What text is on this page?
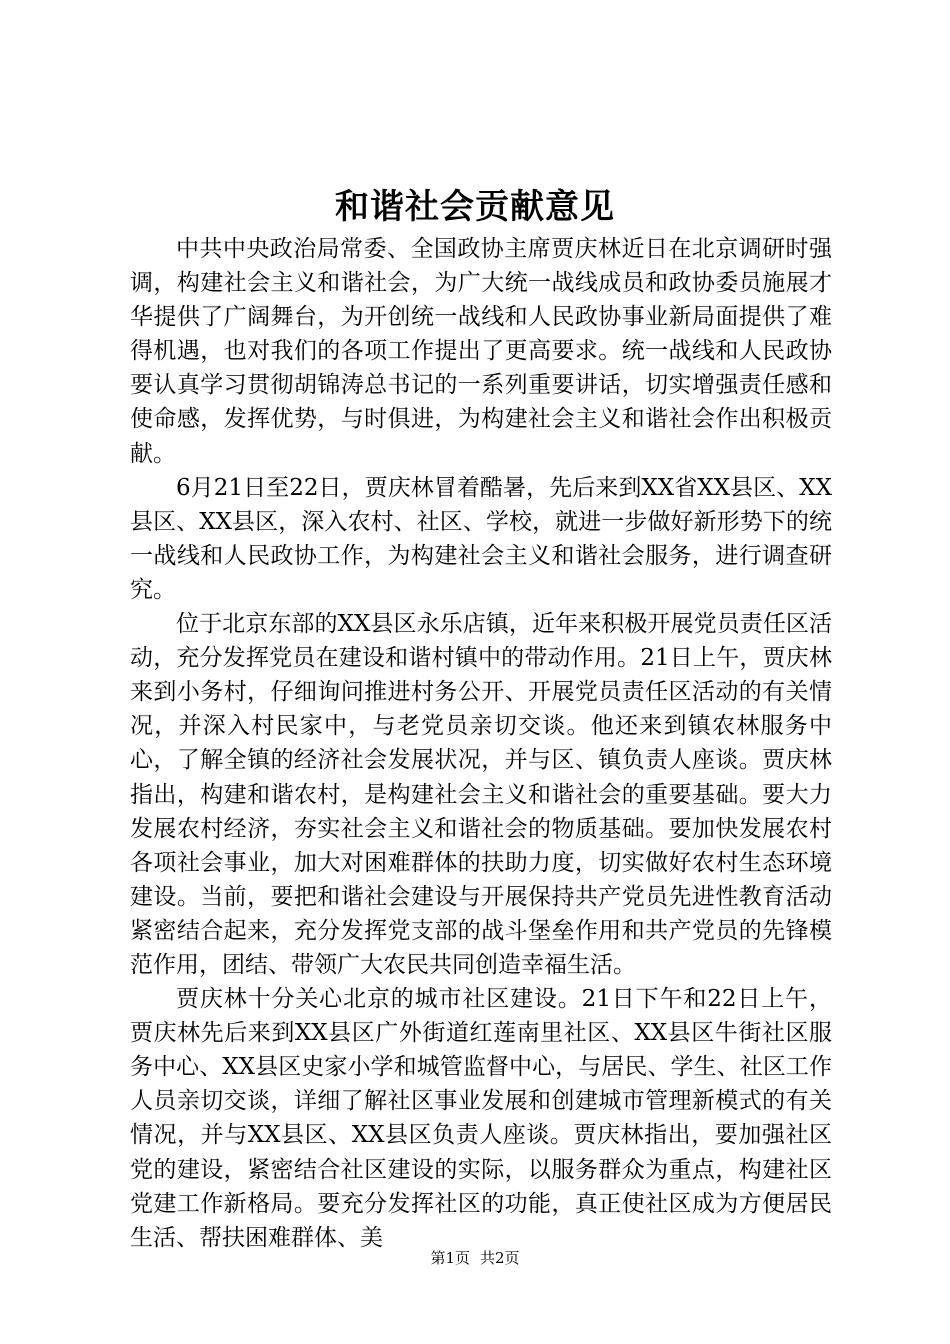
和谐社会贡献意见

中共中央政治局常委、全国政协主席贾庆林近日在北京调研时强调，构建社会主义和谐社会，为广大统一战线成员和政协委员施展才华提供了广阔舞台，为开创统一战线和人民政协事业新局面提供了难得机遇，也对我们的各项工作提出了更高要求。统一战线和人民政协要认真学习贯彻胡锦涛总书记的一系列重要讲话，切实增强责任感和使命感，发挥优势，与时俱进，为构建社会主义和谐社会作出积极贡献。

6月21日至22日，贾庆林冒着酷暑，先后来到XX省XX县区、XX县区、XX县区，深入农村、社区、学校，就进一步做好新形势下的统一战线和人民政协工作，为构建社会主义和谐社会服务，进行调查研究。

位于北京东部的XX县区永乐店镇，近年来积极开展党员责任区活动，充分发挥党员在建设和谐村镇中的带动作用。21日上午，贾庆林来到小务村，仔细询问推进村务公开、开展党员责任区活动的有关情况，并深入村民家中，与老党员亲切交谈。他还来到镇农林服务中心，了解全镇的经济社会发展状况，并与区、镇负责人座谈。贾庆林指出，构建和谐农村，是构建社会主义和谐社会的重要基础。要大力发展农村经济，夯实社会主义和谐社会的物质基础。要加快发展农村各项社会事业，加大对困难群体的扶助力度，切实做好农村生态环境建设。当前，要把和谐社会建设与开展保持共产党员先进性教育活动紧密结合起来，充分发挥党支部的战斗堡垒作用和共产党员的先锋模范作用，团结、带领广大农民共同创造幸福生活。

贾庆林十分关心北京的城市社区建设。21日下午和22日上午，贾庆林先后来到XX县区广外街道红莲南里社区、XX县区牛街社区服务中心、XX县区史家小学和城管监督中心，与居民、学生、社区工作人员亲切交谈，详细了解社区事业发展和创建城市管理新模式的有关情况，并与XX县区、XX县区负责人座谈。贾庆林指出，要加强社区党的建设，紧密结合社区建设的实际，以服务群众为重点，构建社区党建工作新格局。要充分发挥社区的功能，真正使社区成为方便居民生活、帮扶困难群体、美

第1页 共2页
